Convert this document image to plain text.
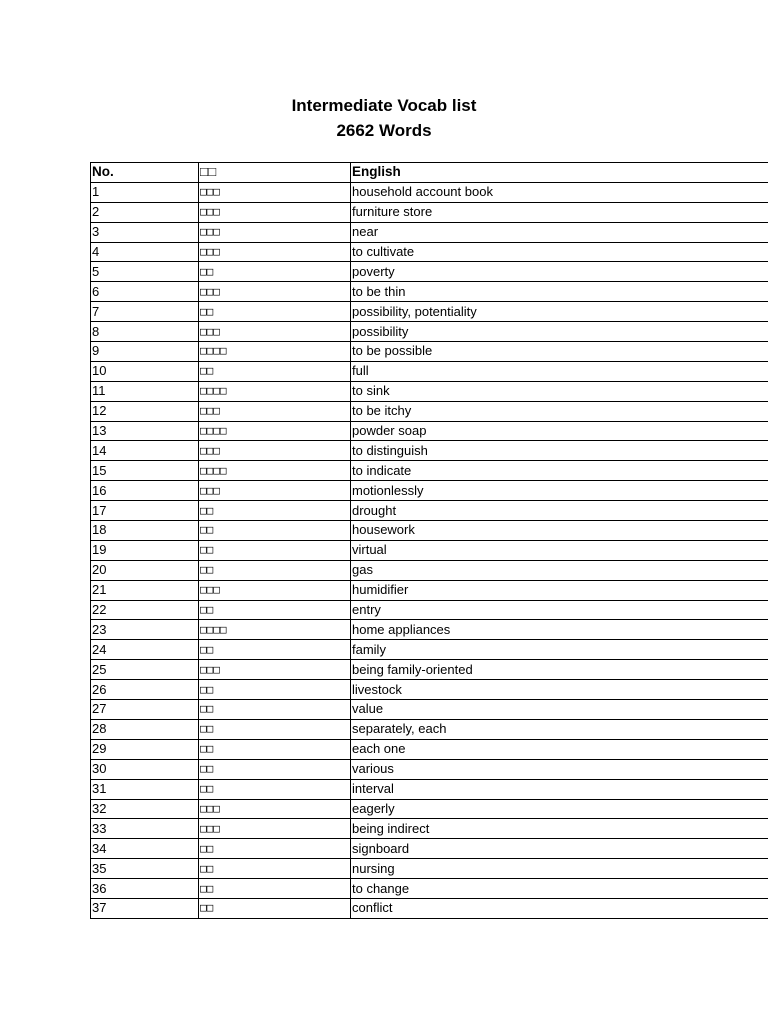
Intermediate Vocab list
2662 Words
No.	□□	English
1	□□□	household account book
2	□□□	furniture store
3	□□□	near
4	□□□	to cultivate
5	□□	poverty
6	□□□	to be thin
7	□□	possibility, potentiality
8	□□□	possibility
9	□□□□	to be possible
10	□□	full
11	□□□□	to sink
12	□□□	to be itchy
13	□□□□	powder soap
14	□□□	to distinguish
15	□□□□	to indicate
16	□□□	motionlessly
17	□□	drought
18	□□	housework
19	□□	virtual
20	□□	gas
21	□□□	humidifier
22	□□	entry
23	□□□□	home appliances
24	□□	family
25	□□□	being family-oriented
26	□□	livestock
27	□□	value
28	□□	separately, each
29	□□	each one
30	□□	various
31	□□	interval
32	□□□	eagerly
33	□□□	being indirect
34	□□	signboard
35	□□	nursing
36	□□	to change
37	□□	conflict
